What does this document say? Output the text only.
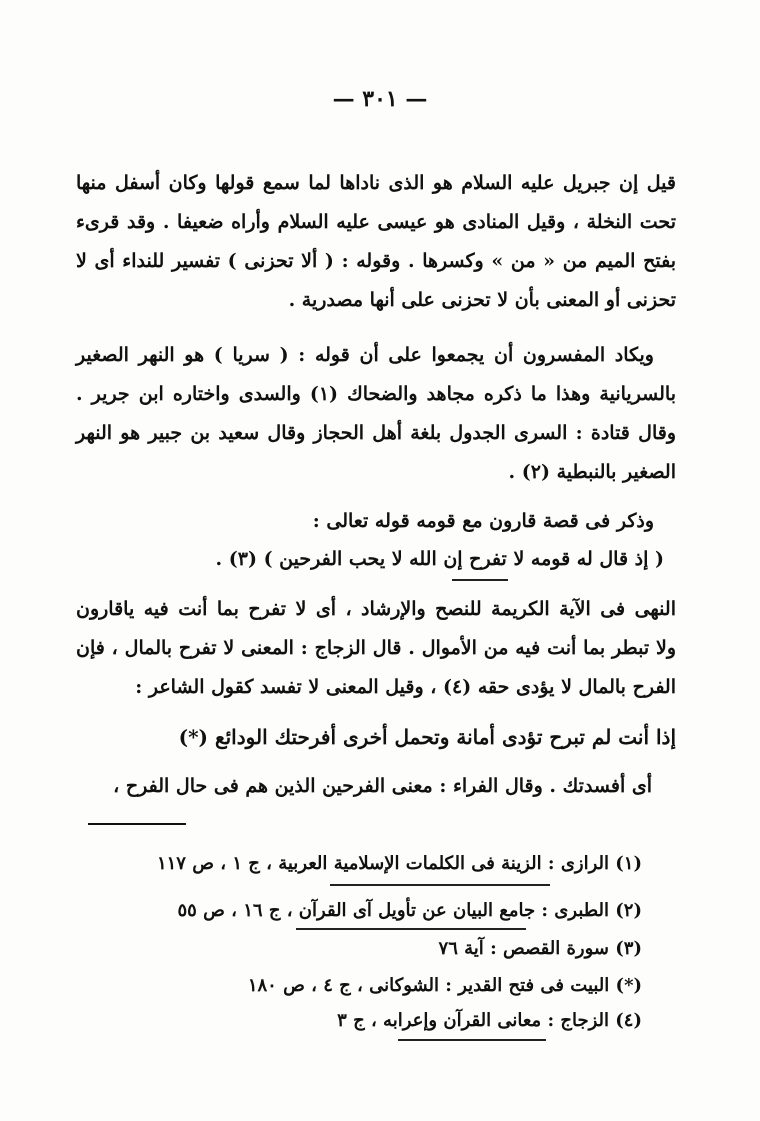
— ٣٠١ —
قيل إن جبريل عليه السلام هو الذى ناداها لما سمع قولها وكان أسفل منها
تحت النخلة ، وقيل المنادى هو عيسى عليه السلام وأراه ضعيفا . وقد قرىء
بفتح الميم من « من » وكسرها . وقوله : ( ألا تحزنى ) تفسير للنداء أى لا
تحزنى أو المعنى بأن لا تحزنى على أنها مصدرية .
ويكاد المفسرون أن يجمعوا على أن قوله : ( سريا ) هو النهر الصغير
بالسريانية وهذا ما ذكره مجاهد والضحاك (١) والسدى واختاره ابن جرير .
وقال قتادة : السرى الجدول بلغة أهل الحجاز وقال سعيد بن جبير هو النهر
الصغير بالنبطية (٢) .
وذكر فى قصة قارون مع قومه قوله تعالى :
( إذ قال له قومه لا تفرح إن الله لا يحب الفرحين ) (٣) .
النهى فى الآية الكريمة للنصح والإرشاد ، أى لا تفرح بما أنت فيه ياقارون
ولا تبطر بما أنت فيه من الأموال . قال الزجاج : المعنى لا تفرح بالمال ، فإن
الفرح بالمال لا يؤدى حقه (٤) ، وقيل المعنى لا تفسد كقول الشاعر :
إذا أنت لم تبرح تؤدى أمانة وتحمل أخرى أفرحتك الودائع (*)
أى أفسدتك . وقال الفراء : معنى الفرحين الذين هم فى حال الفرح ،
(١) الرازى : الزينة فى الكلمات الإسلامية العربية ، ج ١ ، ص ١١٧
(٢) الطبرى : جامع البيان عن تأويل آى القرآن ، ج ١٦ ، ص ٥٥
(٣) سورة القصص : آية ٧٦
(*) البيت فى فتح القدير : الشوكانى ، ج ٤ ، ص ١٨٠
(٤) الزجاج : معانى القرآن وإعرابه ، ج ٣
